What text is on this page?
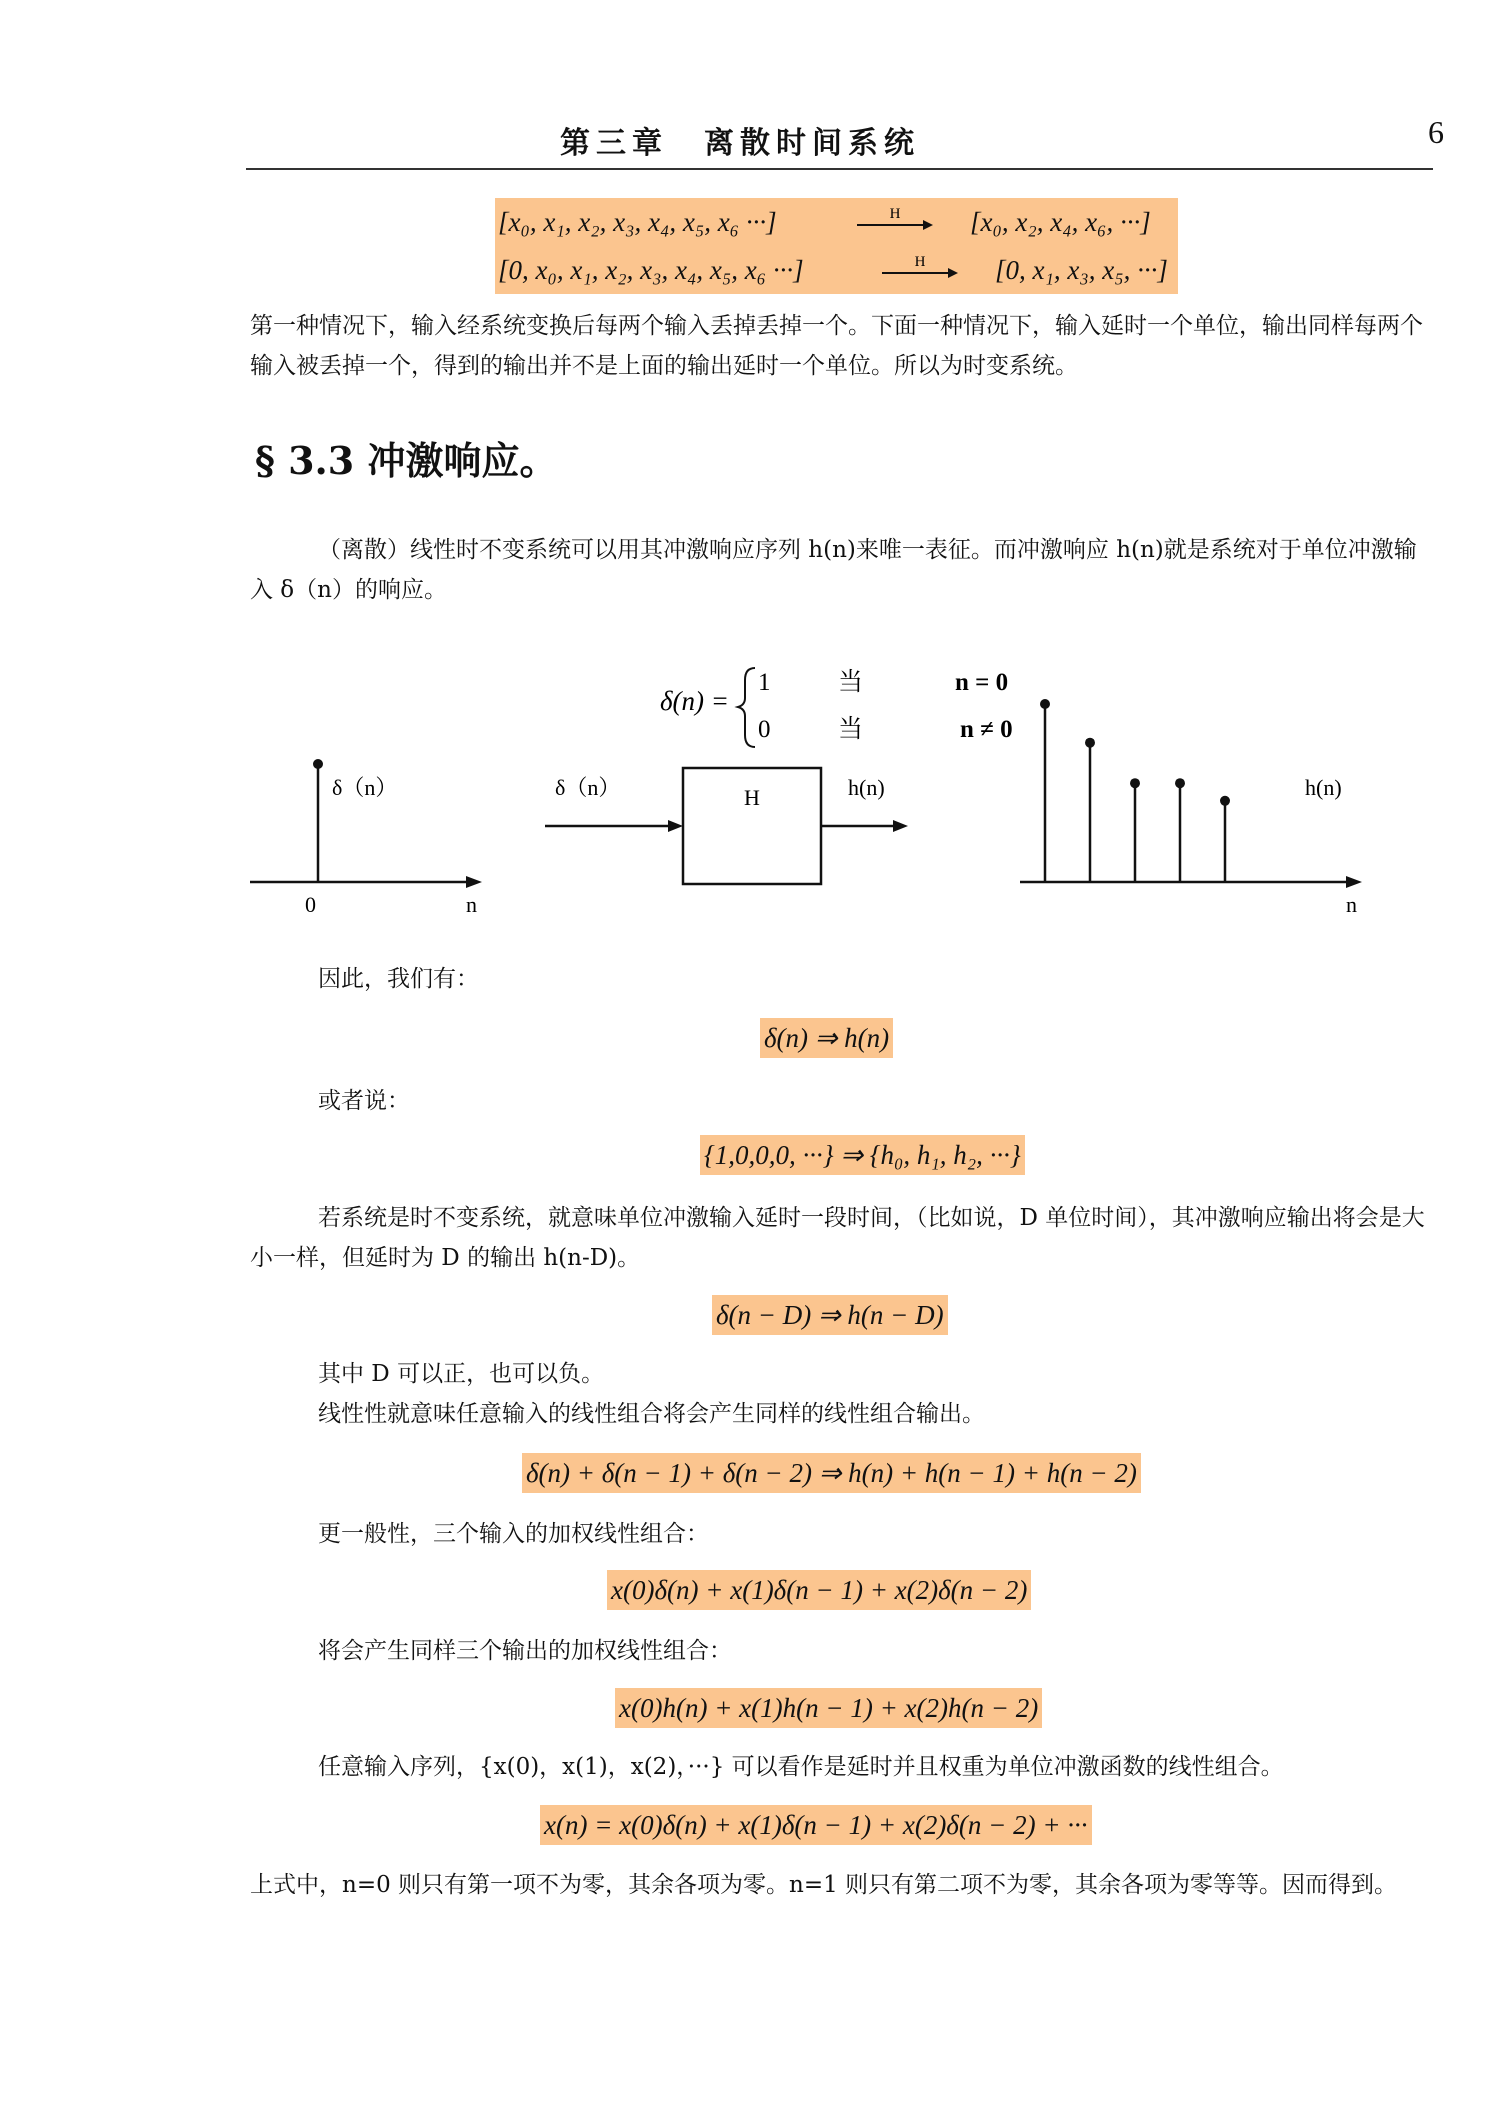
第三章　离散时间系统	6
[x₀, x₁, x₂, x₃, x₄, x₅, x₆ ···]	H	[x₀, x₂, x₄, x₆, ···]
[0, x₀, x₁, x₂, x₃, x₄, x₅, x₆ ···]	H	[0, x₁, x₃, x₅, ···]
第一种情况下，输入经系统变换后每两个输入丢掉丢掉一个。下面一种情况下，输入延时一个单位，输出同样每两个输入被丢掉一个，得到的输出并不是上面的输出延时一个单位。所以为时变系统。
§ 3.3 冲激响应。
（离散）线性时不变系统可以用其冲激响应序列 h(n)来唯一表征。而冲激响应 h(n)就是系统对于单位冲激输入 δ（n）的响应。
δ(n) =
1	当	n = 0
0	当	n ≠ 0
δ（n）
0	n
δ（n）	H	h(n)
n
h(n)
因此，我们有：
δ(n) ⇒ h(n)
或者说：
{1,0,0,0, ···} ⇒ {h₀, h₁, h₂, ···}
若系统是时不变系统，就意味单位冲激输入延时一段时间，（比如说，D 单位时间），其冲激响应输出将会是大小一样，但延时为 D 的输出 h(n-D)。
δ(n − D) ⇒ h(n − D)
其中 D 可以正，也可以负。
线性性就意味任意输入的线性组合将会产生同样的线性组合输出。
δ(n) + δ(n − 1) + δ(n − 2) ⇒ h(n) + h(n − 1) + h(n − 2)
更一般性，三个输入的加权线性组合：
x(0)δ(n) + x(1)δ(n − 1) + x(2)δ(n − 2)
将会产生同样三个输出的加权线性组合：
x(0)h(n) + x(1)h(n − 1) + x(2)h(n − 2)
任意输入序列，{x(0)，x(1)，x(2)，···} 可以看作是延时并且权重为单位冲激函数的线性组合。
x(n) = x(0)δ(n) + x(1)δ(n − 1) + x(2)δ(n − 2) + ···
上式中，n=0 则只有第一项不为零，其余各项为零。n=1 则只有第二项不为零，其余各项为零等等。因而得到。
